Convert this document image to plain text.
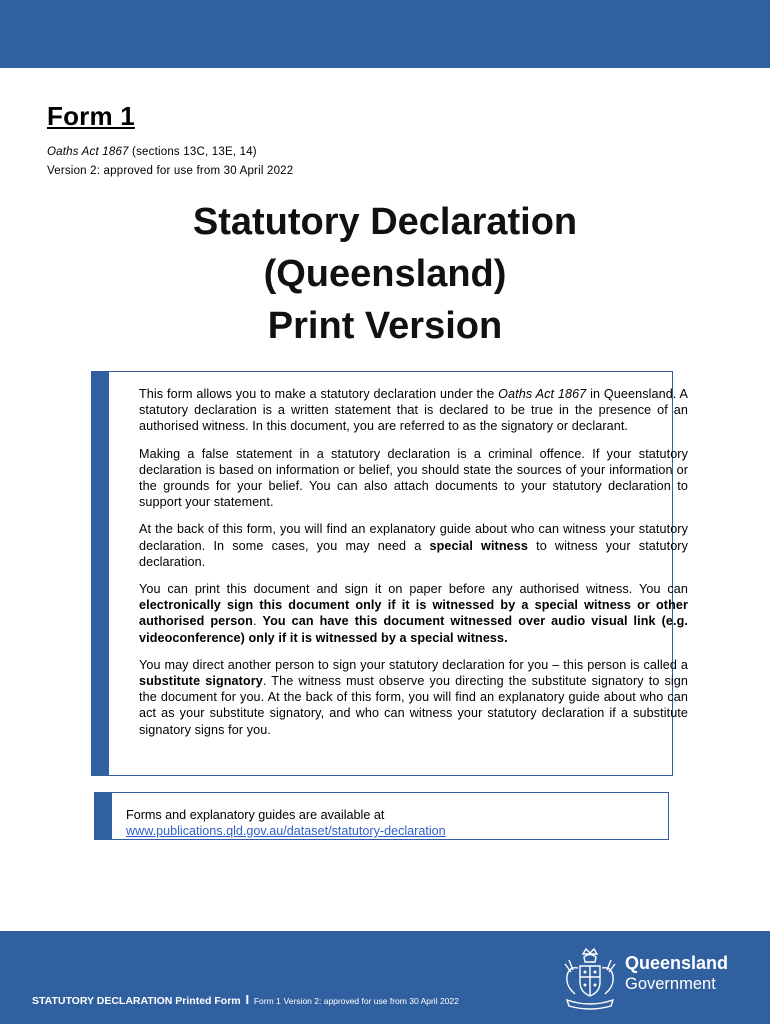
Form 1
Oaths Act 1867 (sections 13C, 13E, 14)
Version 2: approved for use from 30 April 2022
Statutory Declaration
(Queensland)
Print Version

This form allows you to make a statutory declaration under the Oaths Act 1867 in Queensland. A statutory declaration is a written statement that is declared to be true in the presence of an authorised witness. In this document, you are referred to as the signatory or declarant.

Making a false statement in a statutory declaration is a criminal offence. If your statutory declaration is based on information or belief, you should state the sources of your information or the grounds for your belief. You can also attach documents to your statutory declaration to support your statement.

At the back of this form, you will find an explanatory guide about who can witness your statutory declaration. In some cases, you may need a special witness to witness your statutory declaration.

You can print this document and sign it on paper before any authorised witness. You can electronically sign this document only if it is witnessed by a special witness or other authorised person. You can have this document witnessed over audio visual link (e.g. videoconference) only if it is witnessed by a special witness.

You may direct another person to sign your statutory declaration for you – this person is called a substitute signatory. The witness must observe you directing the substitute signatory to sign the document for you. At the back of this form, you will find an explanatory guide about who can act as your substitute signatory, and who can witness your statutory declaration if a substitute signatory signs for you.

Forms and explanatory guides are available at
www.publications.qld.gov.au/dataset/statutory-declaration
STATUTORY DECLARATION Printed Form I Form 1 Version 2: approved for use from 30 April 2022
Queensland
Government
